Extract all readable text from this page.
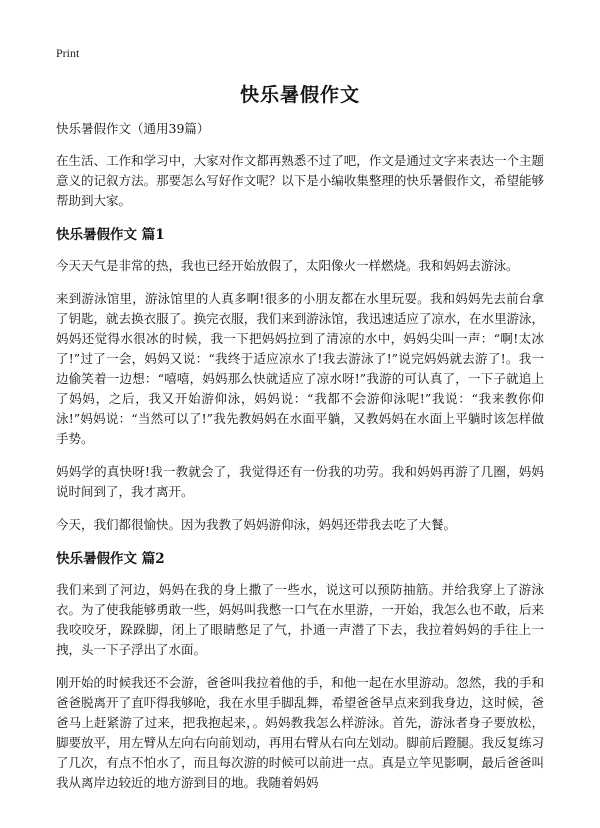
Print
快乐暑假作文

快乐暑假作文（通用39篇）

在生活、工作和学习中，大家对作文都再熟悉不过了吧，作文是通过文字来表达一个主题意义的记叙方法。那要怎么写好作文呢？以下是小编收集整理的快乐暑假作文，希望能够帮助到大家。

快乐暑假作文 篇1

今天天气是非常的热，我也已经开始放假了，太阳像火一样燃烧。我和妈妈去游泳。

来到游泳馆里，游泳馆里的人真多啊!很多的小朋友都在水里玩耍。我和妈妈先去前台拿了钥匙，就去换衣服了。换完衣服，我们来到游泳馆，我迅速适应了凉水，在水里游泳，妈妈还觉得水很冰的时候，我一下把妈妈拉到了清凉的水中，妈妈尖叫一声：“啊!太冰了!”过了一会，妈妈又说：“我终于适应凉水了!我去游泳了!”说完妈妈就去游了!。我一边偷笑着一边想：“嘻嘻，妈妈那么快就适应了凉水呀!”我游的可认真了，一下子就追上了妈妈，之后，我又开始游仰泳，妈妈说：“我都不会游仰泳呢!”我说：“我来教你仰泳!”妈妈说：“当然可以了!”我先教妈妈在水面平躺，又教妈妈在水面上平躺时该怎样做手势。

妈妈学的真快呀!我一教就会了，我觉得还有一份我的功劳。我和妈妈再游了几圈，妈妈说时间到了，我才离开。

今天，我们都很愉快。因为我教了妈妈游仰泳，妈妈还带我去吃了大餐。

快乐暑假作文 篇2

我们来到了河边，妈妈在我的身上撒了一些水，说这可以预防抽筋。并给我穿上了游泳衣。为了使我能够勇敢一些，妈妈叫我憋一口气在水里游，一开始，我怎么也不敢，后来我咬咬牙，跺跺脚，闭上了眼睛憋足了气，扑通一声潜了下去，我拉着妈妈的手往上一拽，头一下子浮出了水面。

刚开始的时候我还不会游，爸爸叫我拉着他的手，和他一起在水里游动。忽然，我的手和爸爸脱离开了直吓得我够呛，我在水里手脚乱舞，希望爸爸早点来到我身边，这时候，爸爸马上赶紧游了过来，把我抱起来，。妈妈教我怎么样游泳。首先，游泳者身子要放松，脚要放平，用左臂从左向右向前划动，再用右臂从右向左划动。脚前后蹬腿。我反复练习了几次，有点不怕水了，而且每次游的时候可以前进一点。真是立竿见影啊，最后爸爸叫我从离岸边较近的地方游到目的地。我随着妈妈
